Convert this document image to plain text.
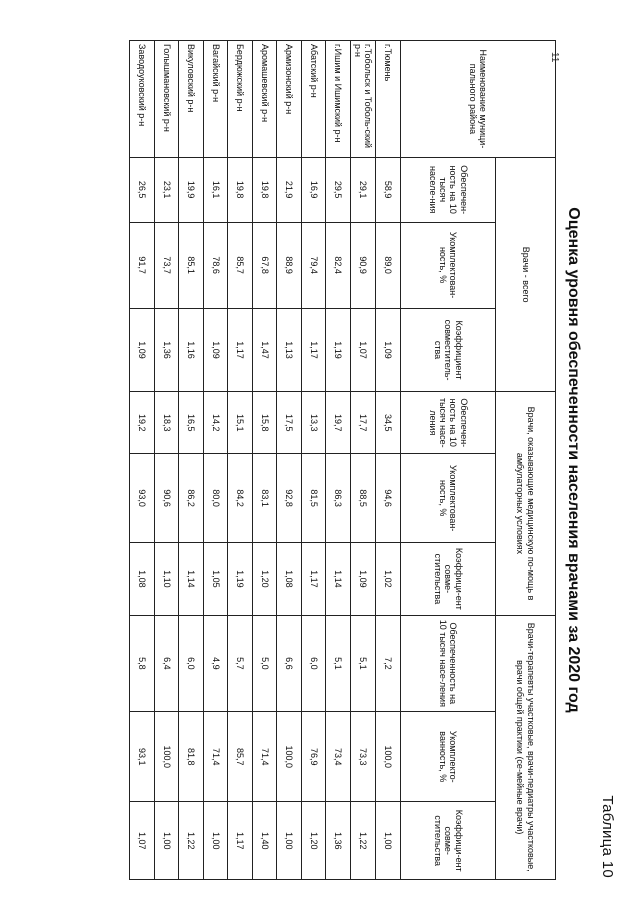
11
Таблица 10
Оценка уровня обеспеченности населения врачами за 2020 год
Наименование муници-пального района	Врачи - всего			Врачи, оказывающие медицинскую по-мощь в амбулаторных условиях			Врачи-терапевты участковые, врачи-педиатры участковые, врачи общей практики (се-мейные врачи)		
	Обеспечен-ность на 10 тысяч населе-ния	Укомплектован-ность, %	Коэффициент совместитель-ства	Обеспечен-ность на 10 тысяч насе-ления	Укомплектован-ность, %	Коэффици-ент совме-стительства	Обеспеченность на 10 тысяч насе-ления	Укомплекто-ванность, %	Коэффици-ент совме-стительства
г.Тюмень	58,9	89,0	1,09	34,5	94,6	1,02	7,2	100,0	1,00
г.Тобольск и Тоболь-ский р-н	29,1	90,9	1,07	17,7	88,5	1,09	5,1	73,3	1,22
г.Ишим и Ишимский р-н	29,5	82,4	1,19	19,7	86,3	1,14	5,1	73,4	1,36
Абатский р-н	16,9	79,4	1,17	13,3	81,5	1,17	6,0	76,9	1,20
Армизонский р-н	21,9	88,9	1,13	17,5	92,8	1,08	6,6	100,0	1,00
Аромашевский р-н	19,8	67,8	1,47	15,8	83,1	1,20	5,0	71,4	1,40
Бердюжский р-н	19,8	85,7	1,17	15,1	84,2	1,19	5,7	85,7	1,17
Вагайский р-н	16,1	78,6	1,09	14,2	80,0	1,05	4,9	71,4	1,00
Викуловский р-н	19,9	85,1	1,16	16,5	86,2	1,14	6,0	81,8	1,22
Голышмановский р-н	23,1	73,7	1,36	18,3	90,6	1,10	6,4	100,0	1,00
Заводоуковский р-н	26,5	91,7	1,09	19,2	93,0	1,08	5,8	93,1	1,07
